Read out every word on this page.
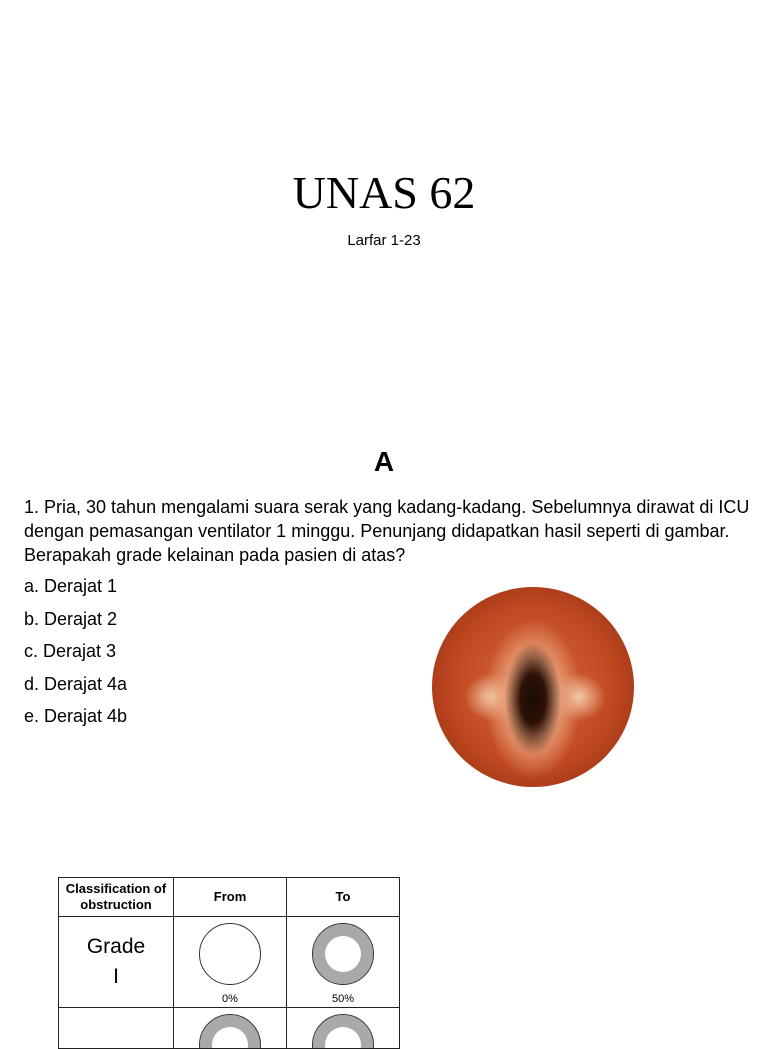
UNAS 62
Larfar 1-23
A
1. Pria, 30 tahun mengalami suara serak yang kadang-kadang. Sebelumnya dirawat di ICU dengan pemasangan ventilator 1 minggu. Penunjang didapatkan hasil seperti di gambar. Berapakah grade kelainan pada pasien di atas?
a. Derajat 1
b. Derajat 2
c. Derajat 3
d. Derajat 4a
e. Derajat 4b
Classification of obstruction	From	To

Grade
I	0%	50%
